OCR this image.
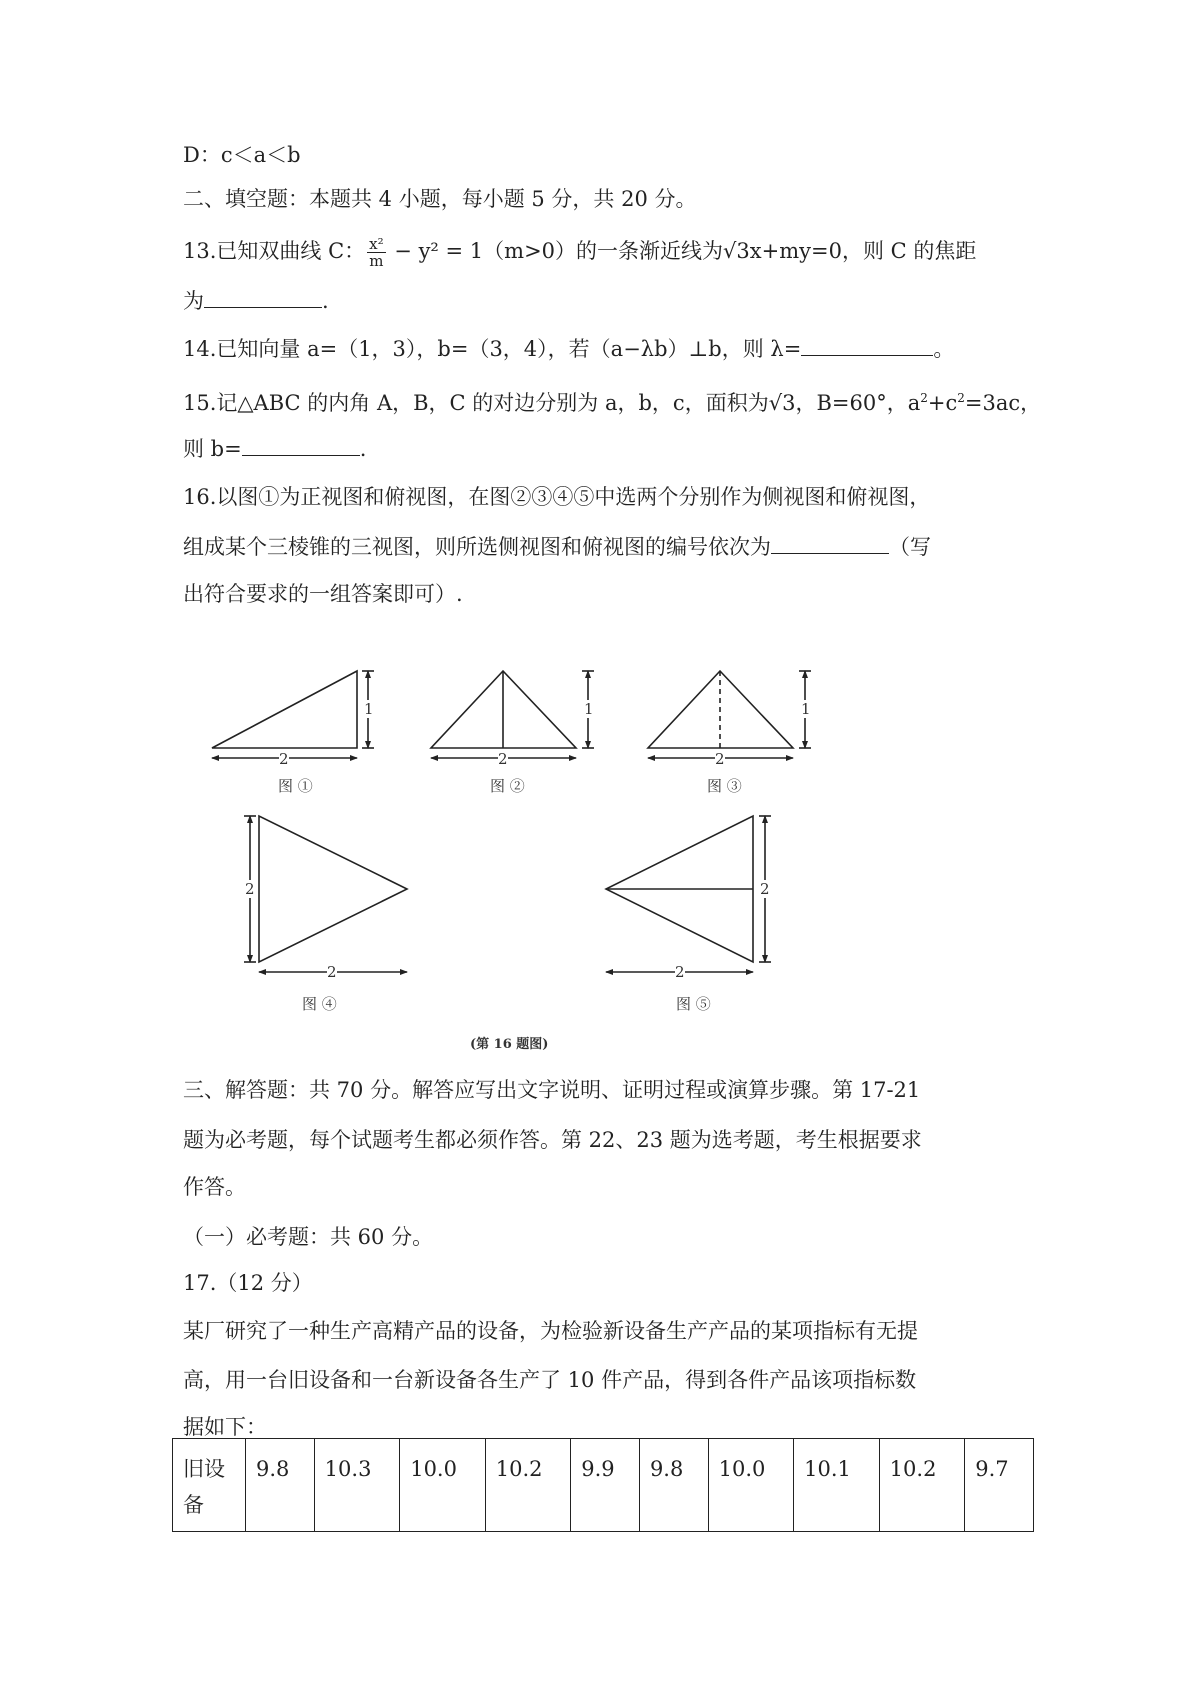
D：c＜a＜b
二、填空题：本题共 4 小题，每小题 5 分，共 20 分。
13.已知双曲线 C： $\frac{\text{x²}}{m} - y^2 = 1(m>0)$的一条渐近线为√3x+my=0，则 C 的焦距
为	.
14.已知向量 a=（1，3），b=（3，4），若（a−λb）⊥b，则 λ=	。
15.记△ABC 的内角 A，B，C 的对边分别为 a，b，c，面积为√3，B=60°，$a^2+c^2=3ac$，
则 b=	.
16.以图①为正视图和俯视图，在图②③④⑤中选两个分别作为侧视图和俯视图，
组成某个三棱锥的三视图，则所选侧视图和俯视图的编号依次为	（写
出符合要求的一组答案即可）.
1
2
1
2
1
2
2
2
2
2
图 ①	图 ②	图 ③
图 ④	图 ⑤
(第 16 题图)
三、解答题：共 70 分。解答应写出文字说明、证明过程或演算步骤。第 17-21
题为必考题，每个试题考生都必须作答。第 22、23 题为选考题，考生根据要求
作答。
（一）必考题：共 60 分。
17.（12 分）
某厂研究了一种生产高精产品的设备，为检验新设备生产产品的某项指标有无提
高，用一台旧设备和一台新设备各生产了 10 件产品，得到各件产品该项指标数
据如下：
旧设备	9.8	10.3	10.0	10.2	9.9	9.8	10.0	10.1	10.2	9.7
